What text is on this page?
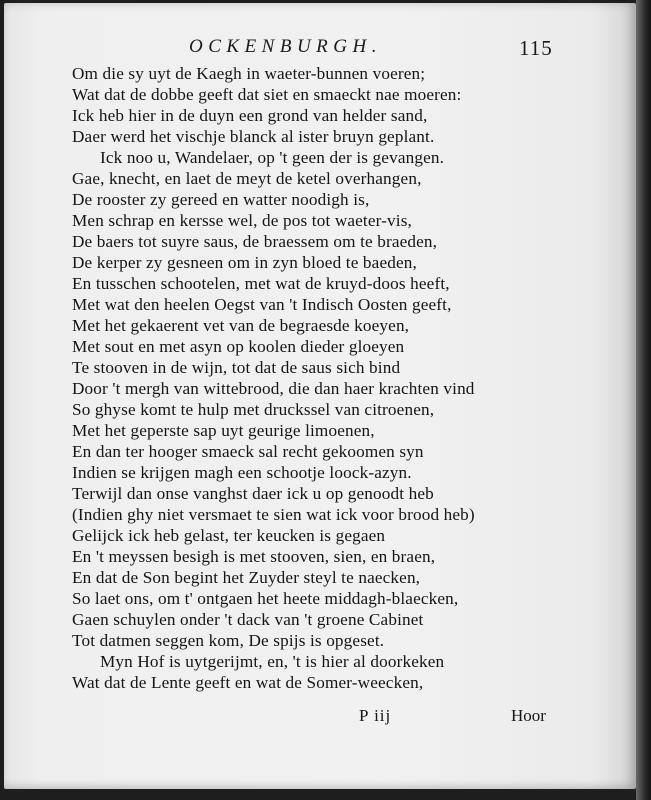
OCKENBURGH.	115
Om die sy uyt de Kaegh in waeter-bunnen voeren;
Wat dat de dobbe geeft dat siet en smaeckt nae moeren:
Ick heb hier in de duyn een grond van helder sand,
Daer werd het vischje blanck al ister bruyn geplant.
Ick noo u, Wandelaer, op 't geen der is gevangen.
Gae, knecht, en laet de meyt de ketel overhangen,
De rooster zy gereed en watter noodigh is,
Men schrap en kersse wel, de pos tot waeter-vis,
De baers tot suyre saus, de braessem om te braeden,
De kerper zy gesneen om in zyn bloed te baeden,
En tusschen schootelen, met wat de kruyd-doos heeft,
Met wat den heelen Oegst van 't Indisch Oosten geeft,
Met het gekaerent vet van de begraesde koeyen,
Met sout en met asyn op koolen dieder gloeyen
Te stooven in de wijn, tot dat de saus sich bind
Door 't mergh van wittebrood, die dan haer krachten vind
So ghyse komt te hulp met druckssel van citroenen,
Met het geperste sap uyt geurige limoenen,
En dan ter hooger smaeck sal recht gekoomen syn
Indien se krijgen magh een schootje loock-azyn.
Terwijl dan onse vanghst daer ick u op genoodt heb
(Indien ghy niet versmaet te sien wat ick voor brood heb)
Gelijck ick heb gelast, ter keucken is gegaen
En 't meyssen besigh is met stooven, sien, en braen,
En dat de Son begint het Zuyder steyl te naecken,
So laet ons, om t' ontgaen het heete middagh-blaecken,
Gaen schuylen onder 't dack van 't groene Cabinet
Tot datmen seggen kom, De spijs is opgeset.
Myn Hof is uytgerijmt, en, 't is hier al doorkeken
Wat dat de Lente geeft en wat de Somer-weecken,
P iij	Hoor
